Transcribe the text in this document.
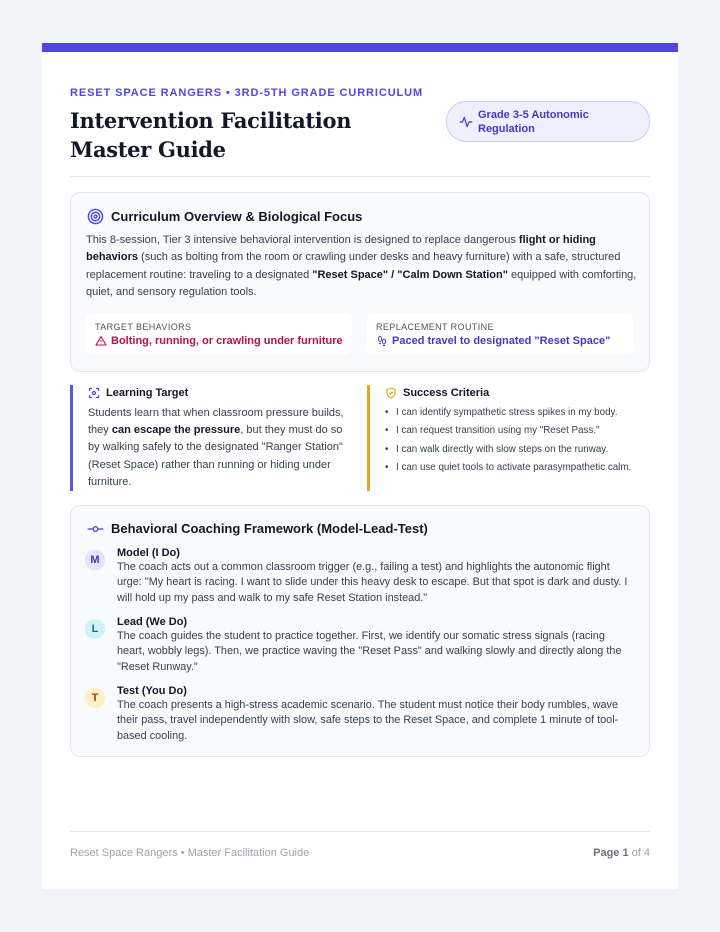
RESET SPACE RANGERS • 3RD-5TH GRADE CURRICULUM
Intervention Facilitation Master Guide
Grade 3-5 Autonomic Regulation
Curriculum Overview & Biological Focus

This 8-session, Tier 3 intensive behavioral intervention is designed to replace dangerous flight or hiding behaviors (such as bolting from the room or crawling under desks and heavy furniture) with a safe, structured replacement routine: traveling to a designated "Reset Space" / "Calm Down Station" equipped with comforting, quiet, and sensory regulation tools.

TARGET BEHAVIORS
Bolting, running, or crawling under furniture
REPLACEMENT ROUTINE
Paced travel to designated "Reset Space"
Learning Target

Students learn that when classroom pressure builds, they can escape the pressure, but they must do so by walking safely to the designated "Ranger Station" (Reset Space) rather than running or hiding under furniture.

Success Criteria
• I can identify sympathetic stress spikes in my body.
• I can request transition using my "Reset Pass."
• I can walk directly with slow steps on the runway.
• I can use quiet tools to activate parasympathetic calm.
Behavioral Coaching Framework (Model-Lead-Test)
M
Model (I Do)
The coach acts out a common classroom trigger (e.g., failing a test) and highlights the autonomic flight urge: "My heart is racing. I want to slide under this heavy desk to escape. But that spot is dark and dusty. I will hold up my pass and walk to my safe Reset Station instead."
L
Lead (We Do)
The coach guides the student to practice together. First, we identify our somatic stress signals (racing heart, wobbly legs). Then, we practice waving the "Reset Pass" and walking slowly and directly along the "Reset Runway."
T
Test (You Do)
The coach presents a high-stress academic scenario. The student must notice their body rumbles, wave their pass, travel independently with slow, safe steps to the Reset Space, and complete 1 minute of tool-based cooling.
Reset Space Rangers • Master Facilitation Guide	Page 1 of 4
